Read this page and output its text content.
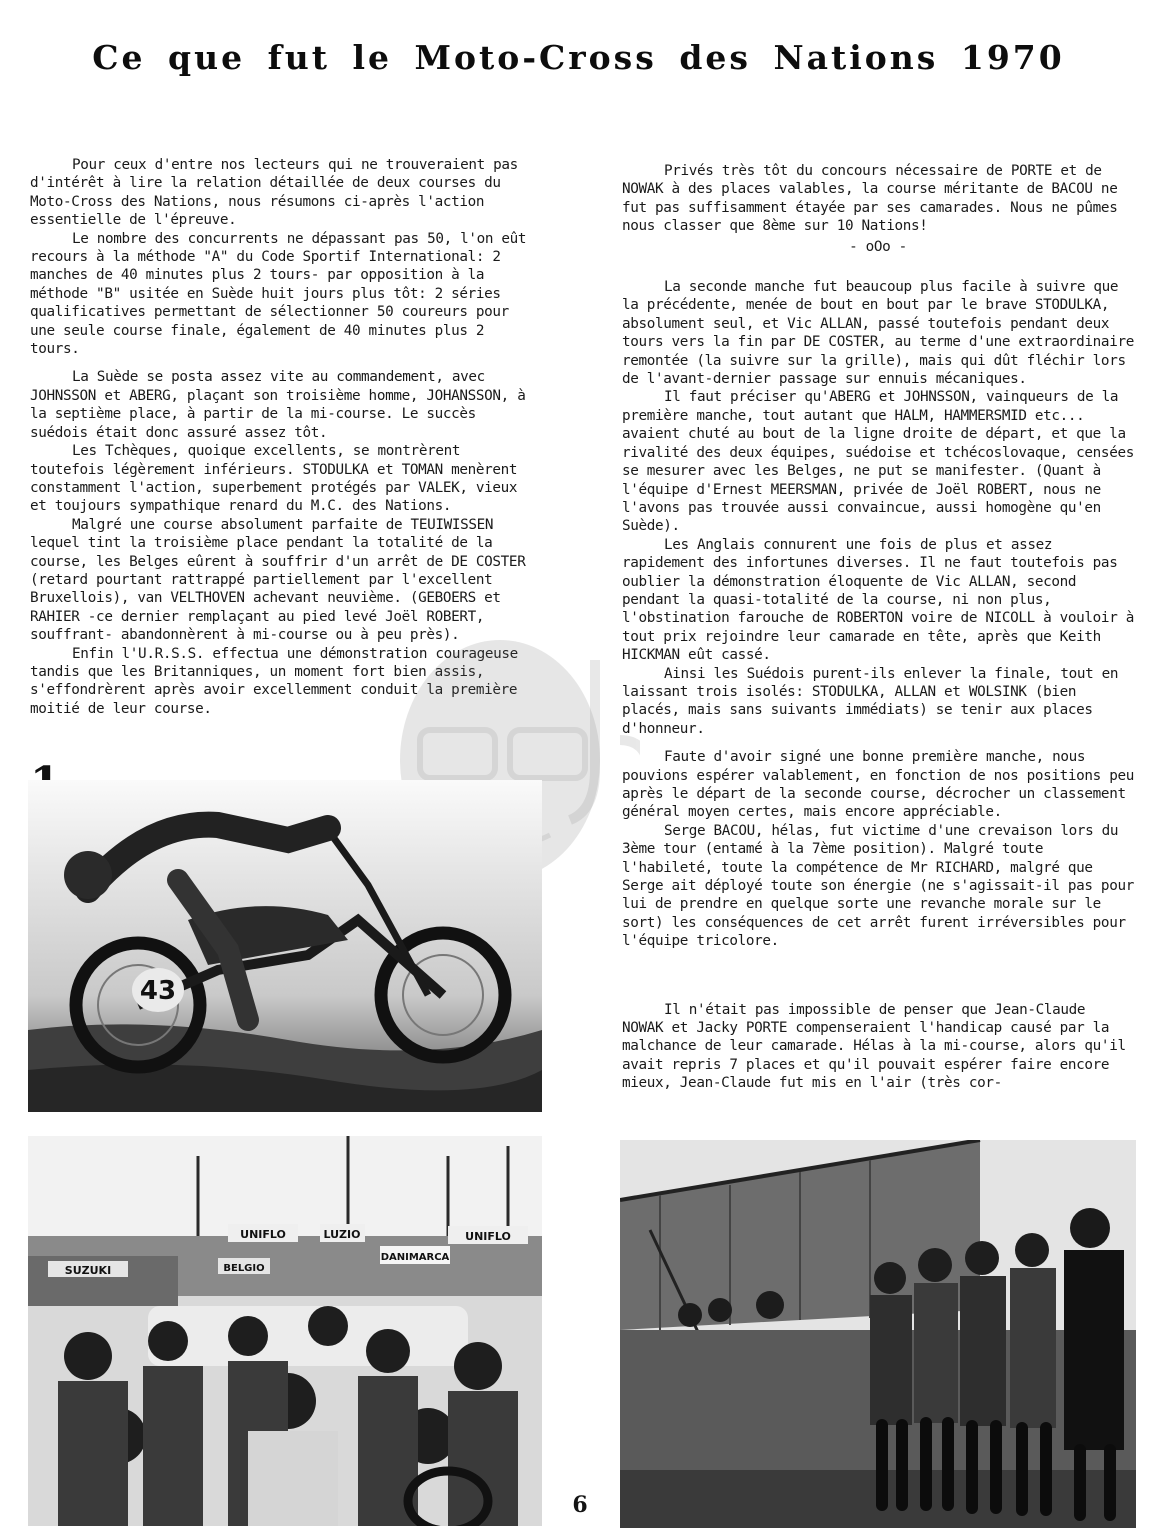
Ce que fut le Moto-Cross des Nations 1970

Pour ceux d'entre nos lecteurs qui ne trouveraient pas d'intérêt à lire la relation détaillée de deux courses du Moto-Cross des Nations, nous résumons ci-après l'action essentielle de l'épreuve.

Le nombre des concurrents ne dépassant pas 50, l'on eût recours à la méthode "A" du Code Sportif International: 2 manches de 40 minutes plus 2 tours- par opposition à la méthode "B" usitée en Suède huit jours plus tôt: 2 séries qualificatives permettant de sélectionner 50 coureurs pour une seule course finale, également de 40 minutes plus 2 tours.

La Suède se posta assez vite au commandement, avec JOHNSSON et ABERG, plaçant son troisième homme, JOHANSSON, à la septième place, à partir de la mi-course. Le succès suédois était donc assuré assez tôt.

Les Tchèques, quoique excellents, se montrèrent toutefois légèrement inférieurs. STODULKA et TOMAN menèrent constamment l'action, superbement protégés par VALEK, vieux et toujours sympathique renard du M.C. des Nations.

Malgré une course absolument parfaite de TEUIWISSEN lequel tint la troisième place pendant la totalité de la course, les Belges eûrent à souffrir d'un arrêt de DE COSTER (retard pourtant rattrappé partiellement par l'excellent Bruxellois), van VELTHOVEN achevant neuvième. (GEBOERS et RAHIER -ce dernier remplaçant au pied levé Joël ROBERT, souffrant- abandonnèrent à mi-course ou à peu près).

Enfin l'U.R.S.S. effectua une démonstration courageuse tandis que les Britanniques, un moment fort bien assis, s'effondrèrent après avoir excellemment conduit la première moitié de leur course.

Privés très tôt du concours nécessaire de PORTE et de NOWAK à des places valables, la course méritante de BACOU ne fut pas suffisamment étayée par ses camarades. Nous ne pûmes nous classer que 8ème sur 10 Nations!

- oOo -

La seconde manche fut beaucoup plus facile à suivre que la précédente, menée de bout en bout par le brave STODULKA, absolument seul, et Vic ALLAN, passé toutefois pendant deux tours vers la fin par DE COSTER, au terme d'une extraordinaire remontée (la suivre sur la grille), mais qui dût fléchir lors de l'avant-dernier passage sur ennuis mécaniques.

Il faut préciser qu'ABERG et JOHNSSON, vainqueurs de la première manche, tout autant que HALM, HAMMERSMID etc... avaient chuté au bout de la ligne droite de départ, et que la rivalité des deux équipes, suédoise et tchécoslovaque, censées se mesurer avec les Belges, ne put se manifester. (Quant à l'équipe d'Ernest MEERSMAN, privée de Joël ROBERT, nous ne l'avons pas trouvée aussi convaincue, aussi homogène qu'en Suède).

Les Anglais connurent une fois de plus et assez rapidement des infortunes diverses. Il ne faut toutefois pas oublier la démonstration éloquente de Vic ALLAN, second pendant la quasi-totalité de la course, ni non plus, l'obstination farouche de ROBERTON voire de NICOLL à vouloir à tout prix rejoindre leur camarade en tête, après que Keith HICKMAN eût cassé.

Ainsi les Suédois purent-ils enlever la finale, tout en laissant trois isolés: STODULKA, ALLAN et WOLSINK (bien placés, mais sans suivants immédiats) se tenir aux places d'honneur.

Faute d'avoir signé une bonne première manche, nous pouvions espérer valablement, en fonction de nos positions peu après le départ de la seconde course, décrocher un classement général moyen certes, mais encore appréciable.

Serge BACOU, hélas, fut victime d'une crevaison lors du 3ème tour (entamé à la 7ème position). Malgré toute l'habileté, toute la compétence de Mr RICHARD, malgré que Serge ait déployé toute son énergie (ne s'agissait-il pas pour lui de prendre en quelque sorte une revanche morale sur le sort) les conséquences de cet arrêt furent irréversibles pour l'équipe tricolore.

Il n'était pas impossible de penser que Jean-Claude NOWAK et Jacky PORTE compenseraient l'handicap causé par la malchance de leur camarade. Hélas à la mi-course, alors qu'il avait repris 7 places et qu'il pouvait espérer faire encore mieux, Jean-Claude fut mis en l'air (très cor-

43
SUZUKI
UNIFLO	LUZIO
DANIMARCA
BELGIO
UNIFLO
6
